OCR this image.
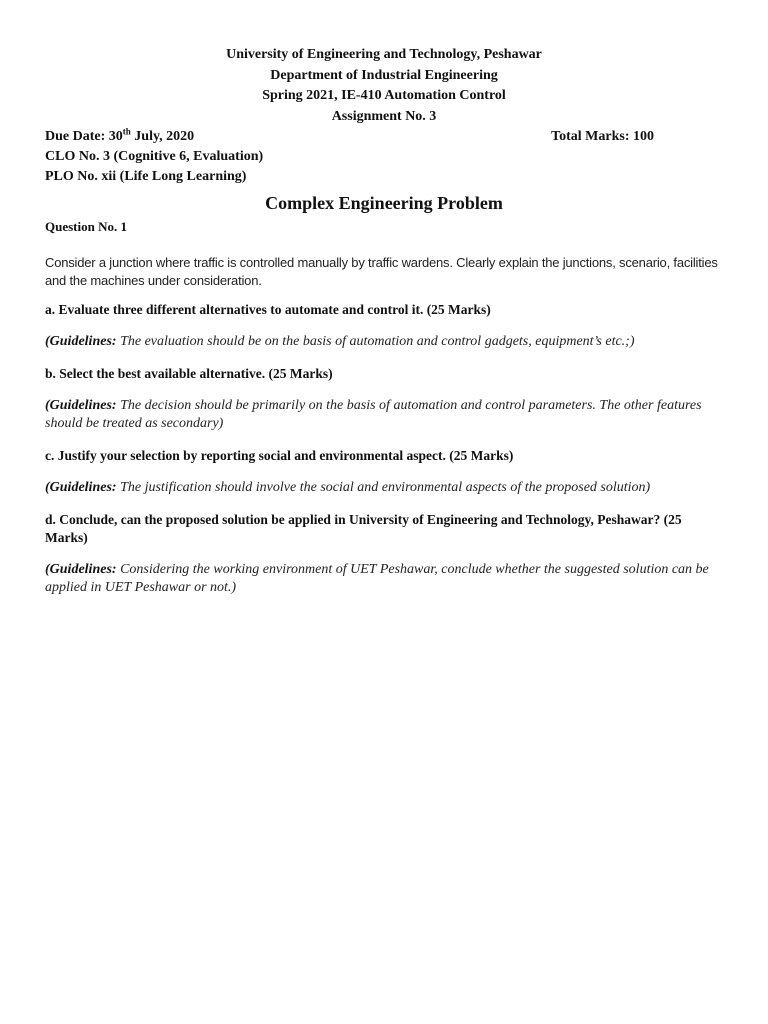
University of Engineering and Technology, Peshawar
Department of Industrial Engineering
Spring 2021, IE-410 Automation Control
Assignment No. 3
Due Date: 30th July, 2020	Total Marks: 100
CLO No. 3 (Cognitive 6, Evaluation)
PLO No. xii (Life Long Learning)
Complex Engineering Problem
Question No. 1
Consider a junction where traffic is controlled manually by traffic wardens. Clearly explain the junctions, scenario, facilities and the machines under consideration.
a. Evaluate three different alternatives to automate and control it. (25 Marks)
(Guidelines: The evaluation should be on the basis of automation and control gadgets, equipment’s etc.;)
b. Select the best available alternative. (25 Marks)
(Guidelines: The decision should be primarily on the basis of automation and control parameters. The other features should be treated as secondary)
c. Justify your selection by reporting social and environmental aspect. (25 Marks)
(Guidelines: The justification should involve the social and environmental aspects of the proposed solution)
d. Conclude, can the proposed solution be applied in University of Engineering and Technology, Peshawar? (25 Marks)
(Guidelines: Considering the working environment of UET Peshawar, conclude whether the suggested solution can be applied in UET Peshawar or not.)
